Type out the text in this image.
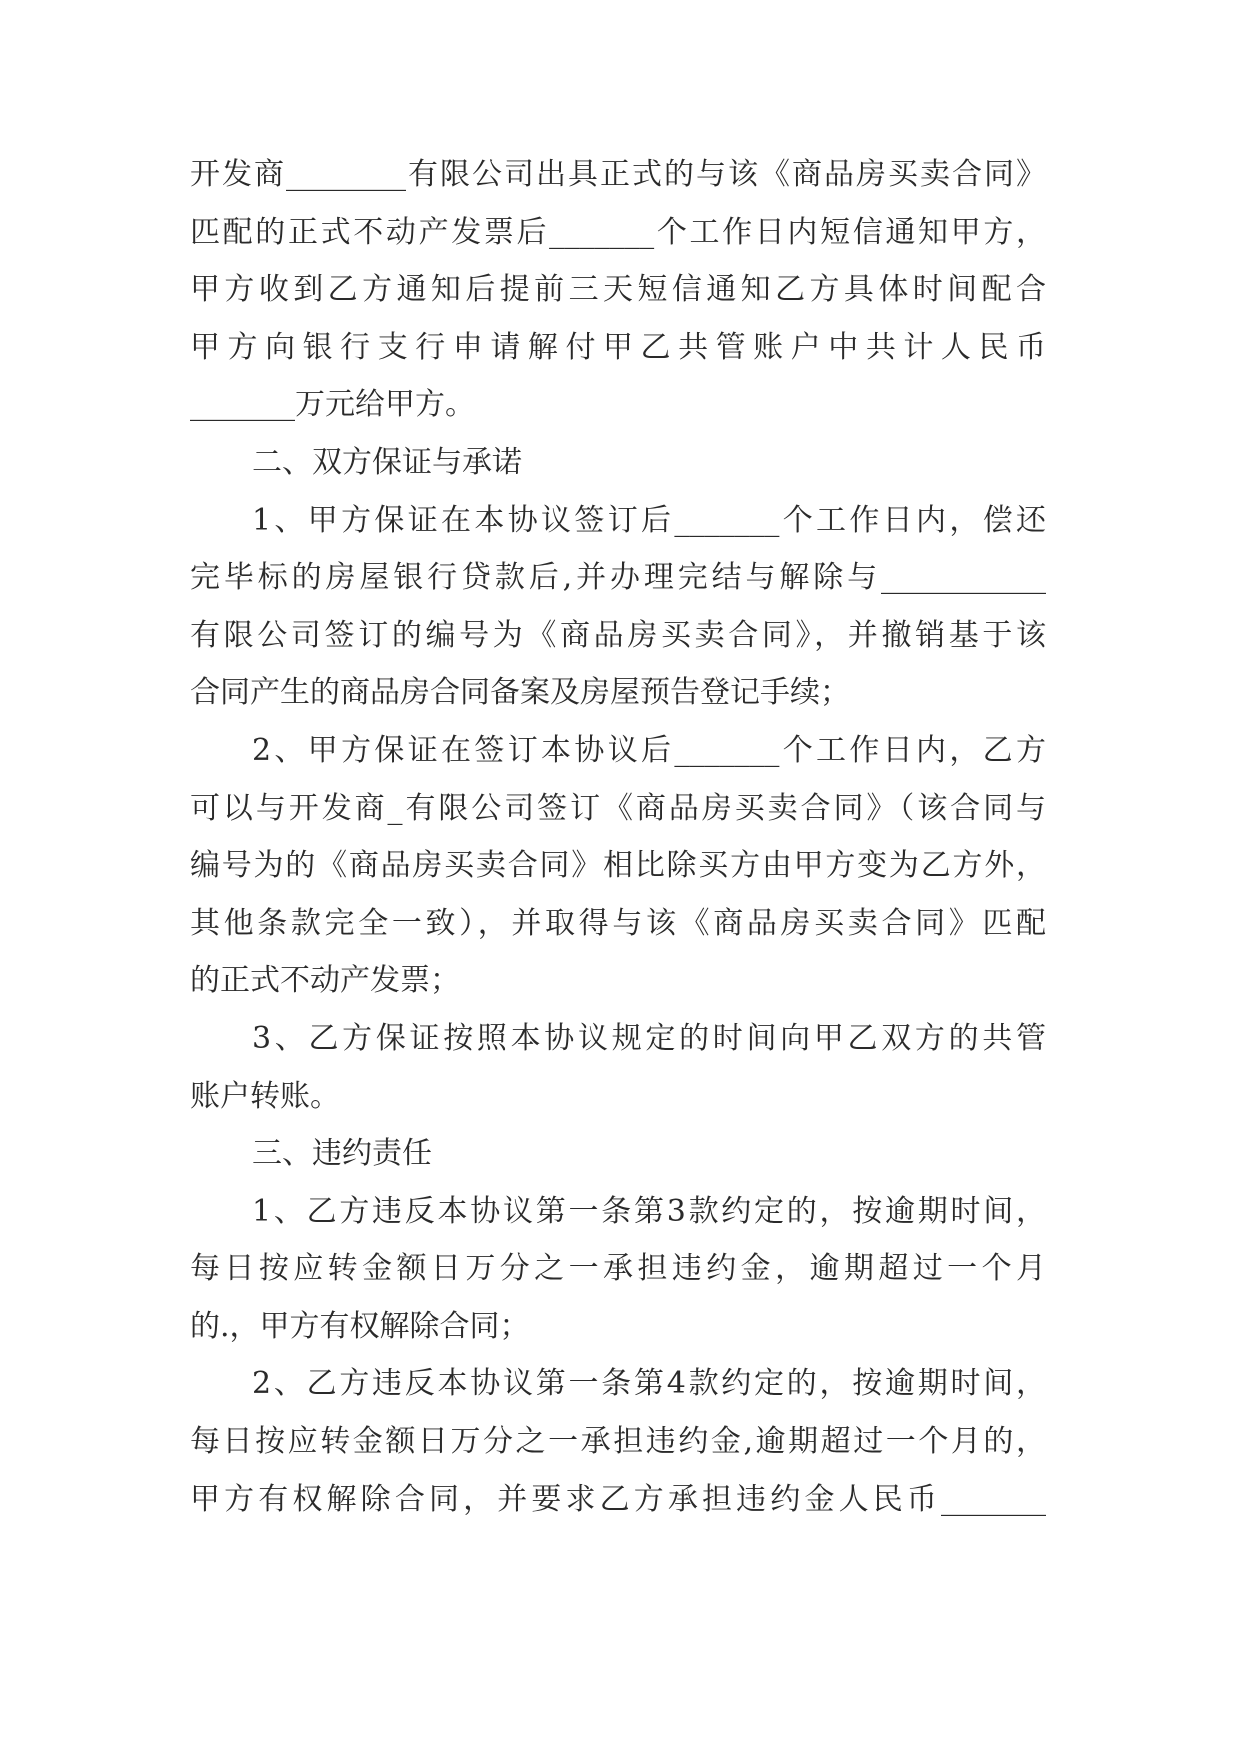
开发商________有限公司出具正式的与该《商品房买卖合同》
匹配的正式不动产发票后_______个工作日内短信通知甲方，
甲方收到乙方通知后提前三天短信通知乙方具体时间配合
甲方向银行支行申请解付甲乙共管账户中共计人民币
_______万元给甲方。
二、双方保证与承诺
1、甲方保证在本协议签订后_______个工作日内，偿还
完毕标的房屋银行贷款后,并办理完结与解除与___________
有限公司签订的编号为《商品房买卖合同》，并撤销基于该
合同产生的商品房合同备案及房屋预告登记手续；
2、甲方保证在签订本协议后_______个工作日内，乙方
可以与开发商_有限公司签订《商品房买卖合同》（该合同与
编号为的《商品房买卖合同》相比除买方由甲方变为乙方外，
其他条款完全一致），并取得与该《商品房买卖合同》匹配
的正式不动产发票；
3、乙方保证按照本协议规定的时间向甲乙双方的共管
账户转账。
三、违约责任
1、乙方违反本协议第一条第3款约定的，按逾期时间，
每日按应转金额日万分之一承担违约金，逾期超过一个月
的.，甲方有权解除合同；
2、乙方违反本协议第一条第4款约定的，按逾期时间，
每日按应转金额日万分之一承担违约金,逾期超过一个月的，
甲方有权解除合同，并要求乙方承担违约金人民币_______
